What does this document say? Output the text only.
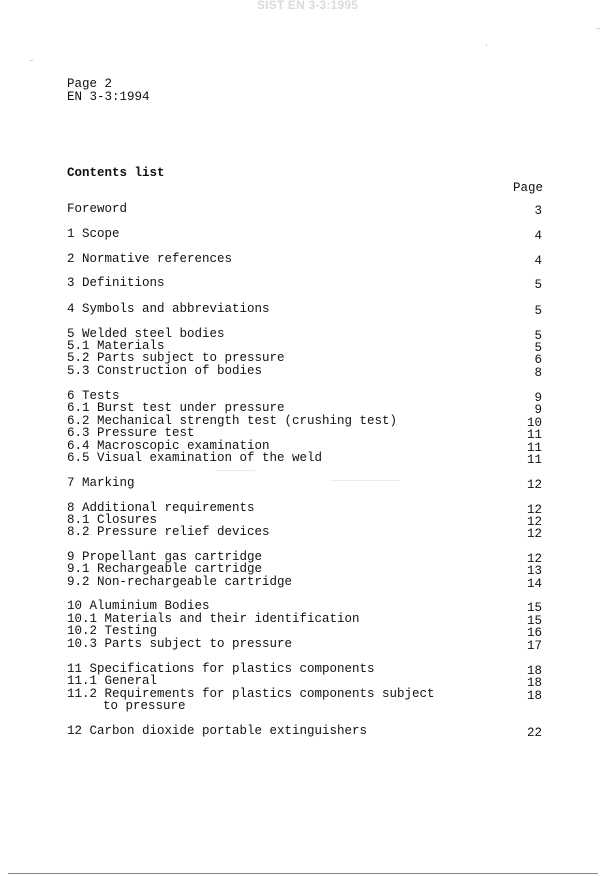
SIST EN 3-3:1995
Page 2
EN 3-3:1994
Contents list
Page
Foreword	3
1 Scope	4
2 Normative references	4
3 Definitions	5
4 Symbols and abbreviations	5
5 Welded steel bodies	5
5.1 Materials	5
5.2 Parts subject to pressure	6
5.3 Construction of bodies	8
6 Tests	9
6.1 Burst test under pressure	9
6.2 Mechanical strength test (crushing test)	10
6.3 Pressure test	11
6.4 Macroscopic examination	11
6.5 Visual examination of the weld	11
7 Marking	12
8 Additional requirements	12
8.1 Closures	12
8.2 Pressure relief devices	12
9 Propellant gas cartridge	12
9.1 Rechargeable cartridge	13
9.2 Non-rechargeable cartridge	14
10 Aluminium Bodies	15
10.1 Materials and their identification	15
10.2 Testing	16
10.3 Parts subject to pressure	17
11 Specifications for plastics components	18
11.1 General	18
11.2 Requirements for plastics components subject	18
to pressure
12 Carbon dioxide portable extinguishers	22
